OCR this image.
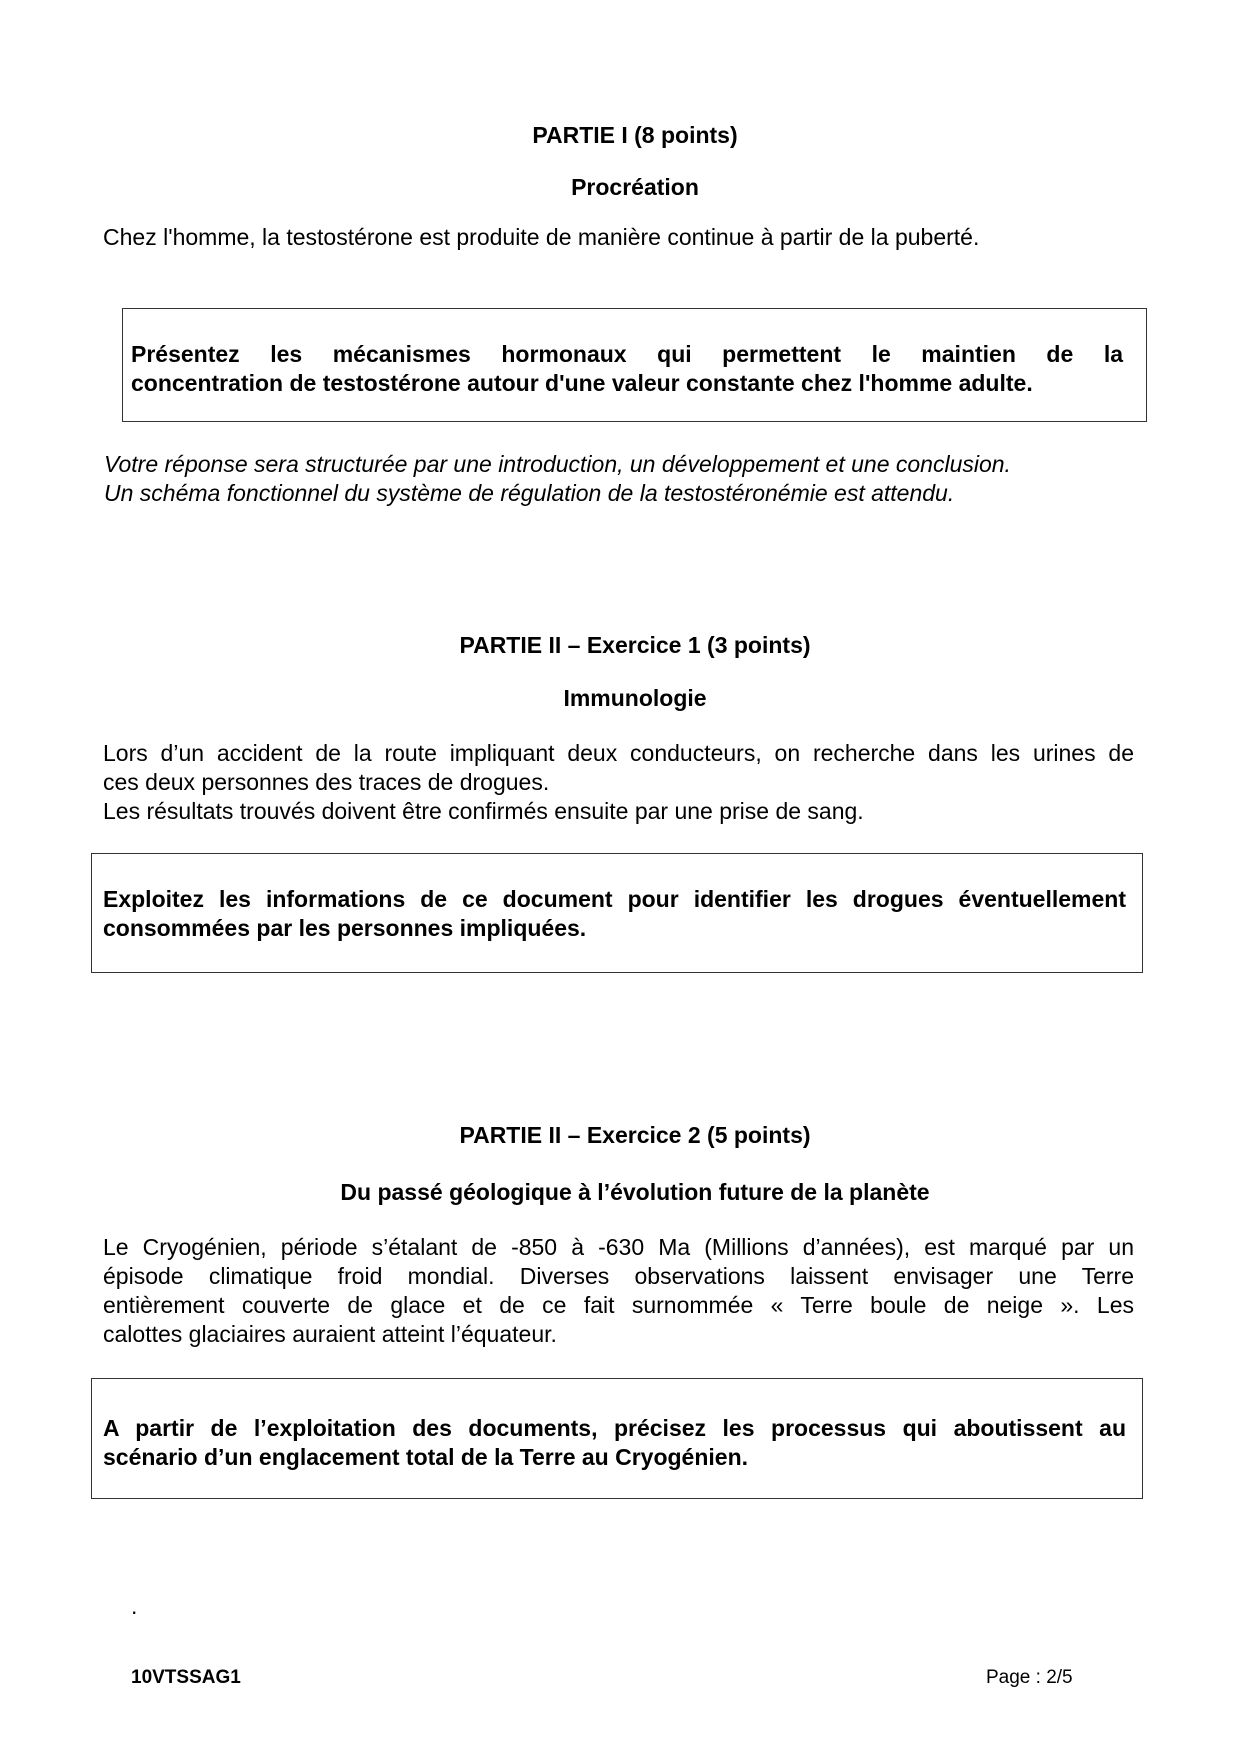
PARTIE I (8 points)
Procréation

Chez l'homme, la testostérone est produite de manière continue à partir de la puberté.

Présentez les mécanismes hormonaux qui permettent le maintien de la
concentration de testostérone autour d'une valeur constante chez l'homme adulte.

Votre réponse sera structurée par une introduction, un développement et une conclusion.
Un schéma fonctionnel du système de régulation de la testostéronémie est attendu.

PARTIE II – Exercice 1 (3 points)
Immunologie
Lors d’un accident de la route impliquant deux conducteurs, on recherche dans les urines de
ces deux personnes des traces de drogues.
Les résultats trouvés doivent être confirmés ensuite par une prise de sang.
Exploitez les informations de ce document pour identifier les drogues éventuellement
consommées par les personnes impliquées.
PARTIE II – Exercice 2 (5 points)
Du passé géologique à l’évolution future de la planète
Le Cryogénien, période s’étalant de -850 à -630 Ma (Millions d’années), est marqué par un
épisode climatique froid mondial. Diverses observations laissent envisager une Terre
entièrement couverte de glace et de ce fait surnommée « Terre boule de neige ». Les
calottes glaciaires auraient atteint l’équateur.
A partir de l’exploitation des documents, précisez les processus qui aboutissent au
scénario d’un englacement total de la Terre au Cryogénien.
.
10VTSSAG1	Page : 2/5
